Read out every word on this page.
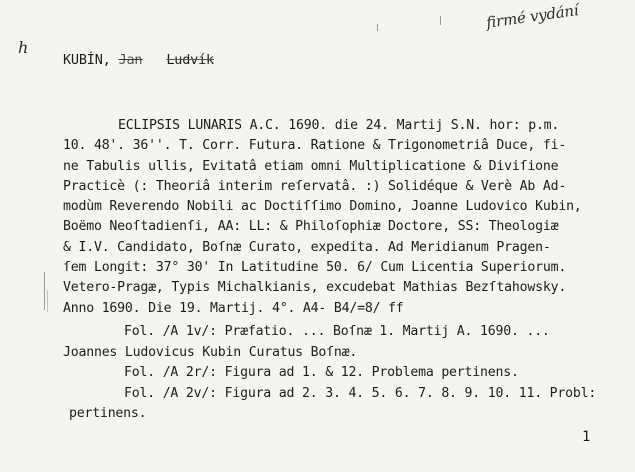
ℎ
firmé vydání
KUBÍN, Jan Ludvík
ECLIPSIS LUNARIS A.C. 1690. die 24. Martij S.N. hor: p.m.
10. 48'. 36''. T. Corr. Futura. Ratione & Trigonometriâ Duce, fi-
ne Tabulis ullis, Evitatâ etiam omni Multiplicatione & Diviſione
Practicè (: Theoriâ interim reſervatâ. :) Solidéque & Verè Ab Ad-
modùm Reverendo Nobili ac Doctiſſimo Domino, Joanne Ludovico Kubin,
Boëmo Neoſtadienſi, AA: LL: & Philoſophiæ Doctore, SS: Theologiæ
& I.V. Candidato, Boſnæ Curato, expedita. Ad Meridianum Pragen-
ſem Longit: 37° 30' In Latitudine 50. 6/ Cum Licentia Superiorum.
Vetero-Pragæ, Typis Michalkianis, excudebat Mathias Bezſtahowsky.
Anno 1690. Die 19. Martij. 4°. A4- B4/=8/ ff
Fol. /A 1v/: Præfatio. ... Boſnæ 1. Martij A. 1690. ...
Joannes Ludovicus Kubin Curatus Boſnæ.
Fol. /A 2r/: Figura ad 1. & 12. Problema pertinens.
Fol. /A 2v/: Figura ad 2. 3. 4. 5. 6. 7. 8. 9. 10. 11. Probl:
pertinens.
1
